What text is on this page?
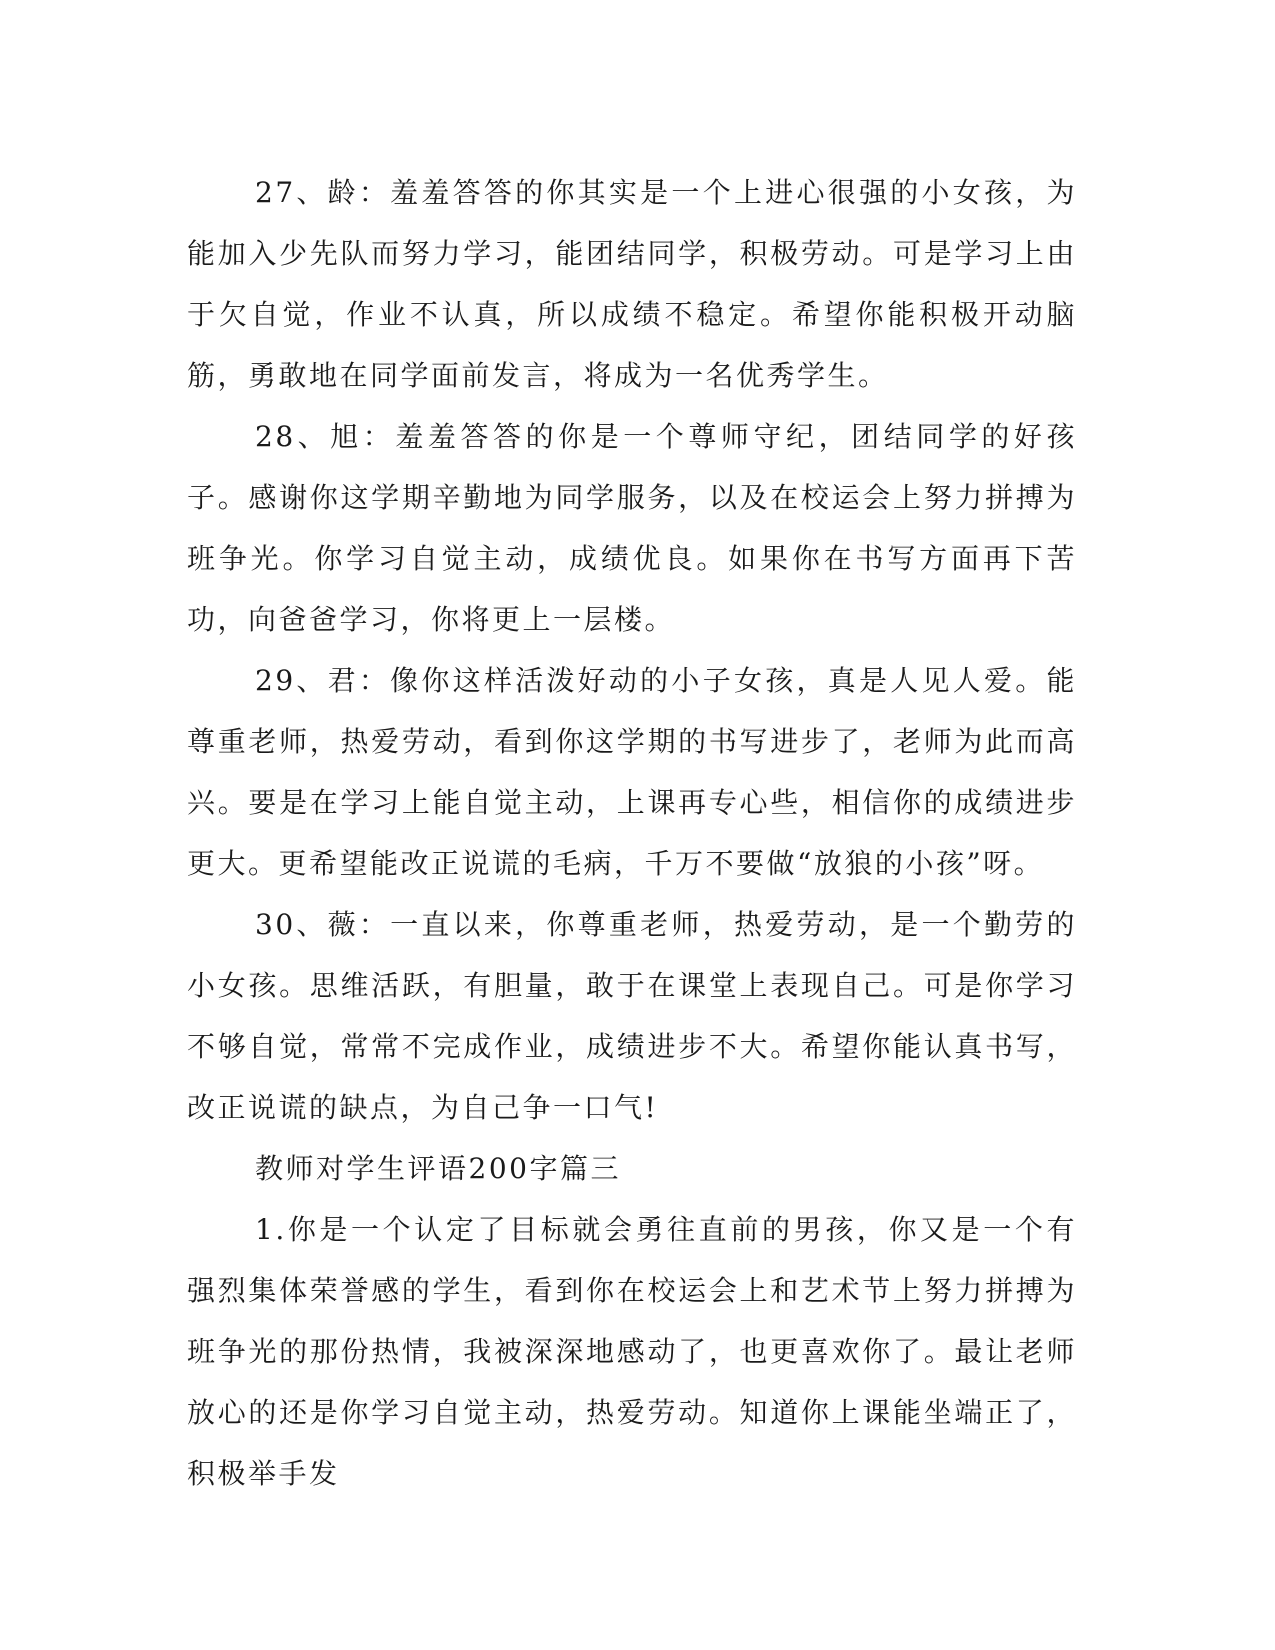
27、龄：羞羞答答的你其实是一个上进心很强的小女孩，为能加入少先队而努力学习，能团结同学，积极劳动。可是学习上由于欠自觉，作业不认真，所以成绩不稳定。希望你能积极开动脑筋，勇敢地在同学面前发言，将成为一名优秀学生。

28、旭：羞羞答答的你是一个尊师守纪，团结同学的好孩子。感谢你这学期辛勤地为同学服务，以及在校运会上努力拼搏为班争光。你学习自觉主动，成绩优良。如果你在书写方面再下苦功，向爸爸学习，你将更上一层楼。

29、君：像你这样活泼好动的小子女孩，真是人见人爱。能尊重老师，热爱劳动，看到你这学期的书写进步了，老师为此而高兴。要是在学习上能自觉主动，上课再专心些，相信你的成绩进步更大。更希望能改正说谎的毛病，千万不要做“放狼的小孩”呀。

30、薇：一直以来，你尊重老师，热爱劳动，是一个勤劳的小女孩。思维活跃，有胆量，敢于在课堂上表现自己。可是你学习不够自觉，常常不完成作业，成绩进步不大。希望你能认真书写，改正说谎的缺点，为自己争一口气!

教师对学生评语200字篇三

1.你是一个认定了目标就会勇往直前的男孩，你又是一个有强烈集体荣誉感的学生，看到你在校运会上和艺术节上努力拼搏为班争光的那份热情，我被深深地感动了，也更喜欢你了。最让老师放心的还是你学习自觉主动，热爱劳动。知道你上课能坐端正了，积极举手发
